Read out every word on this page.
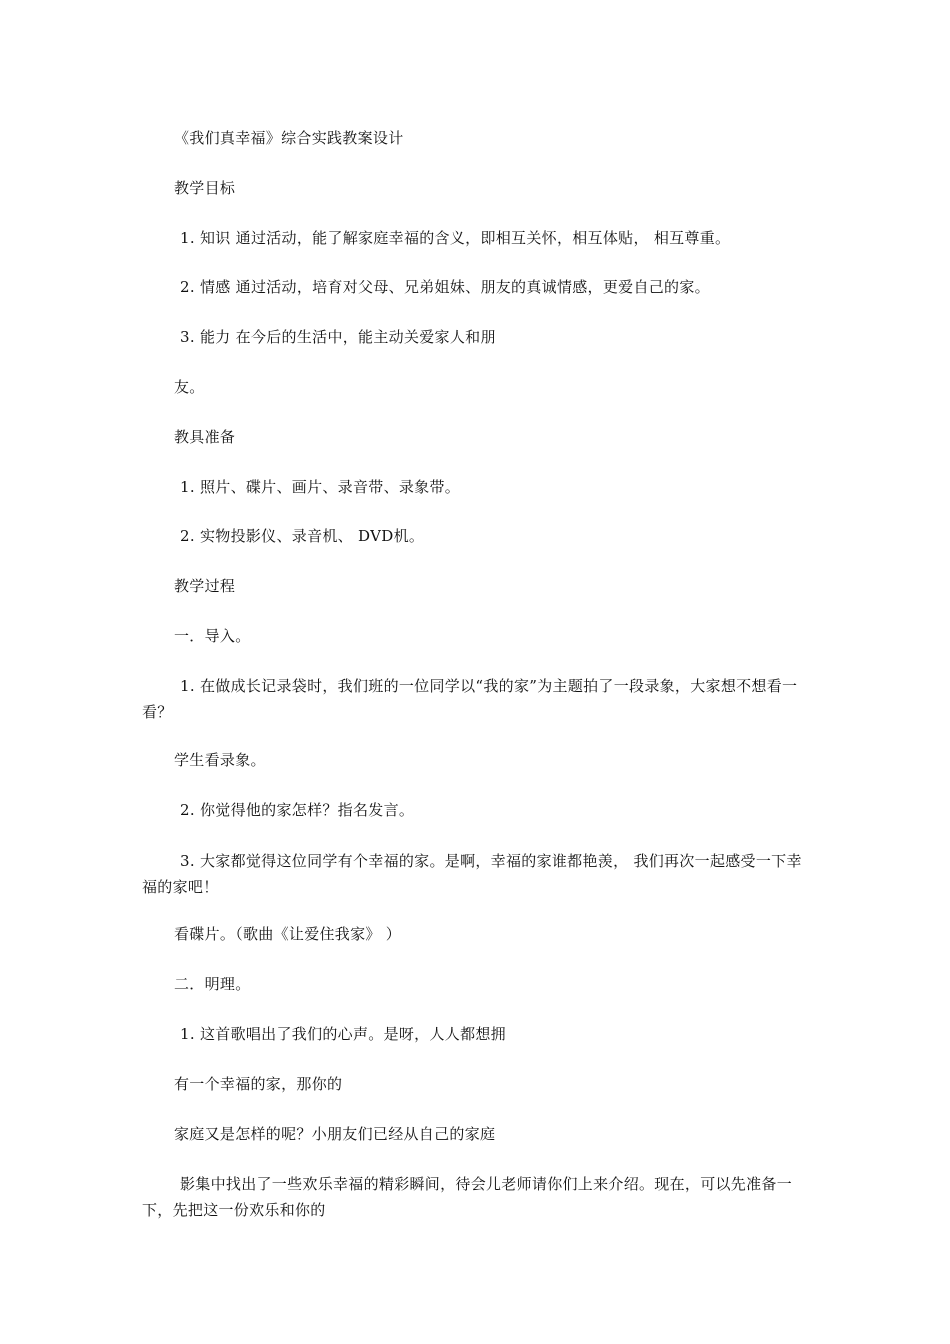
《我们真幸福》综合实践教案设计
教学目标
1. 知识 通过活动，能了解家庭幸福的含义，即相互关怀，相互体贴， 相互尊重。
2. 情感 通过活动，培育对父母、兄弟姐妹、朋友的真诚情感，更爱自己的家。
3. 能力 在今后的生活中，能主动关爱家人和朋
友。
教具准备
1. 照片、碟片、画片、录音带、录象带。
2. 实物投影仪、录音机、 DVD机。
教学过程
一．导入。
1. 在做成长记录袋时，我们班的一位同学以“我的家”为主题拍了一段录象，大家想不想看一看？
学生看录象。
2. 你觉得他的家怎样？指名发言。
3. 大家都觉得这位同学有个幸福的家。是啊，幸福的家谁都艳羡， 我们再次一起感受一下幸福的家吧！
看碟片。（歌曲《让爱住我家》 ）
二．明理。
1. 这首歌唱出了我们的心声。是呀，人人都想拥
有一个幸福的家，那你的
家庭又是怎样的呢？小朋友们已经从自己的家庭
影集中找出了一些欢乐幸福的精彩瞬间，待会儿老师请你们上来介绍。现在，可以先准备一下，先把这一份欢乐和你的
